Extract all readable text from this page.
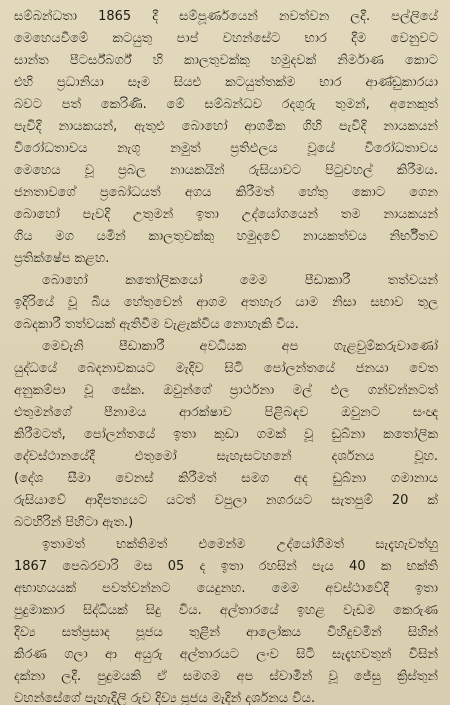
සම්බන්ධතා 1865 දී සම්පූර්ණයෙන් නවත්වන ලදී. පල්ලියේ
මෙහෙයවීමේ කටයුතු පාප් වහන්සේට භාර දීම වෙනුවට
සාන්ත පීටර්ස්බර්ග් හි කාලතුවක්කු හමුදවක් නිර්මාණ කොට
එහි ප්‍රධානියා සෑම සියළු කටයුත්තක්ම භාර ආණ්ඩුකාරයා
බවට පත් කෙරිණි. මේ සම්බන්ධව රදගුරු තුමන්, අනෙකුත්
පැවිදි නායකයන්, ඇතුළු බොහෝ ආගමික ගිහි පැවිදි නායකයන්
විරෝධතාවය නැගූ නමුත් ප්‍රතිඵලය වූයේ විරෝධතාවය
මෙහෙය වූ ප්‍රබල නායකයින් රුසියාවට පිටුවහල් කිරීමය.
ජනතාවගේ ප්‍රබෝධයත් අගය කිරීමත් හේතු කොට ගෙන
බොහෝ පැවදි උතුමන් ඉතා උද්යෝගයෙන් තම නායකයන්
ගිය මග යමින් කාලතුවක්කු හමුදවේ නායකත්වය නිර්භීතව
ප්‍රතික්ෂේප කළහ.
බොහෝ කතෝලිකයෝ මෙම පීඩාකාරී තත්වයන්
ඉදිරියේ වූ බිය හේතුවෙන් ආගම අතහැර යාම නිසා සභාව තුල
බෙදකාරී තත්වයක් ඇතිවීම වැළැක්විය නොහැකි විය.
මෙවැනි පීඩාකාරී අවධියක අප ගැළවුම්කරුවාණෝ
යුද්ධයේ බෙදනාවකයට මැදිව සිටි පෝලන්තයේ ජනයා වෙත
අනුකම්පා වූ සේක. ඔවුන්ගේ ප්‍රාර්ථනා මල් ඵල ගන්වන්නටත්
එතුමන්ගේ පීනාමය ආරක්ෂාව පිළිබඳව ඔවුනට සංඥ
කිරීමටත්, පෝලන්තයේ ඉතා කුඩා ගමක් වූ ඩුබ්නා කතෝලික
දේවස්ථානයේදී එතුමෝ සැහැසටහනේ දර්ශනය වූහ.
(දේශ සීමා වෙනස් කිරීමත් සමග අද ඩුබ්නා ගමානාය
රුසියාවේ ආදිපත්‍යයට යටත් වපුලා නගරයට සැතපුම් 20 ක්
බටහිරින් පිහිටා ඇත.)
ඉතාමත් භක්තිමත් එමෙන්ම උද්යෝගිමත් සැදැහැවත්හු
1867 පෙබරවාරි මස 05 ද ඉතා රහසින් පැය 40 ක භක්ති
අභාහයයක් පවත්වන්නට යෙදුනහ. මෙම අවස්ථාවේදී ඉතා
පුදුමාකාර සිද්ධියක් සිදු විය. අල්තාරයේ ඉහළ වැඩම කෙරුණ
දිව්‍ය සත්ප්‍රසාද පූජය තුළින් ආලෝකය විහිදුවමින් සිහින්
කිරණ ගලා ආ අයුරු අල්තාරයට ලංව සිටි සැදැහවතුන් විසින්
දක්නා ලදී. පුදුමයකි ඒ සමගම අප ස්වාමීන් වූ ජේසු ක්‍රිස්තුන්
වහන්සේගේ පැහැදිලි රුව දිව්‍ය පූජය මැදින් දර්ශනය විය.
